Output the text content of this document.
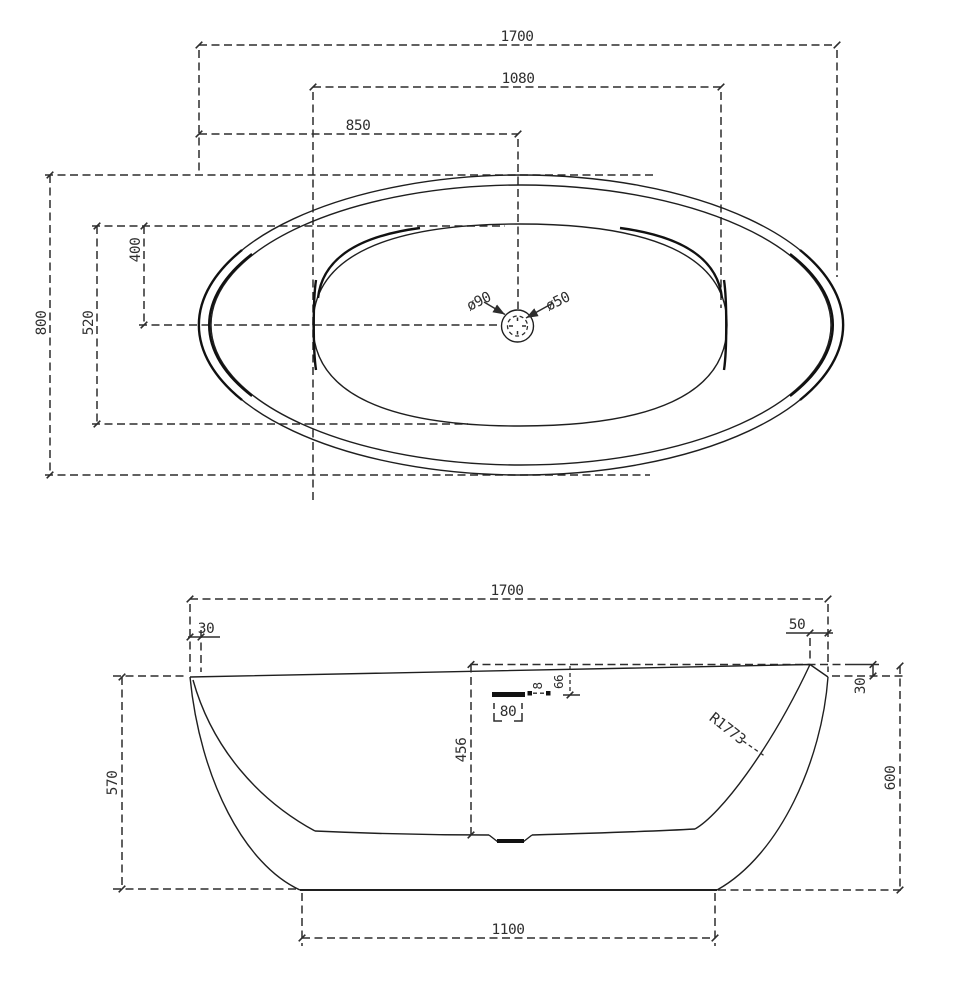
ø90	ø50
1700
1080
850
800 520
400
1700
30	50
30
600
570
456
80
8 66
R1773
1100
